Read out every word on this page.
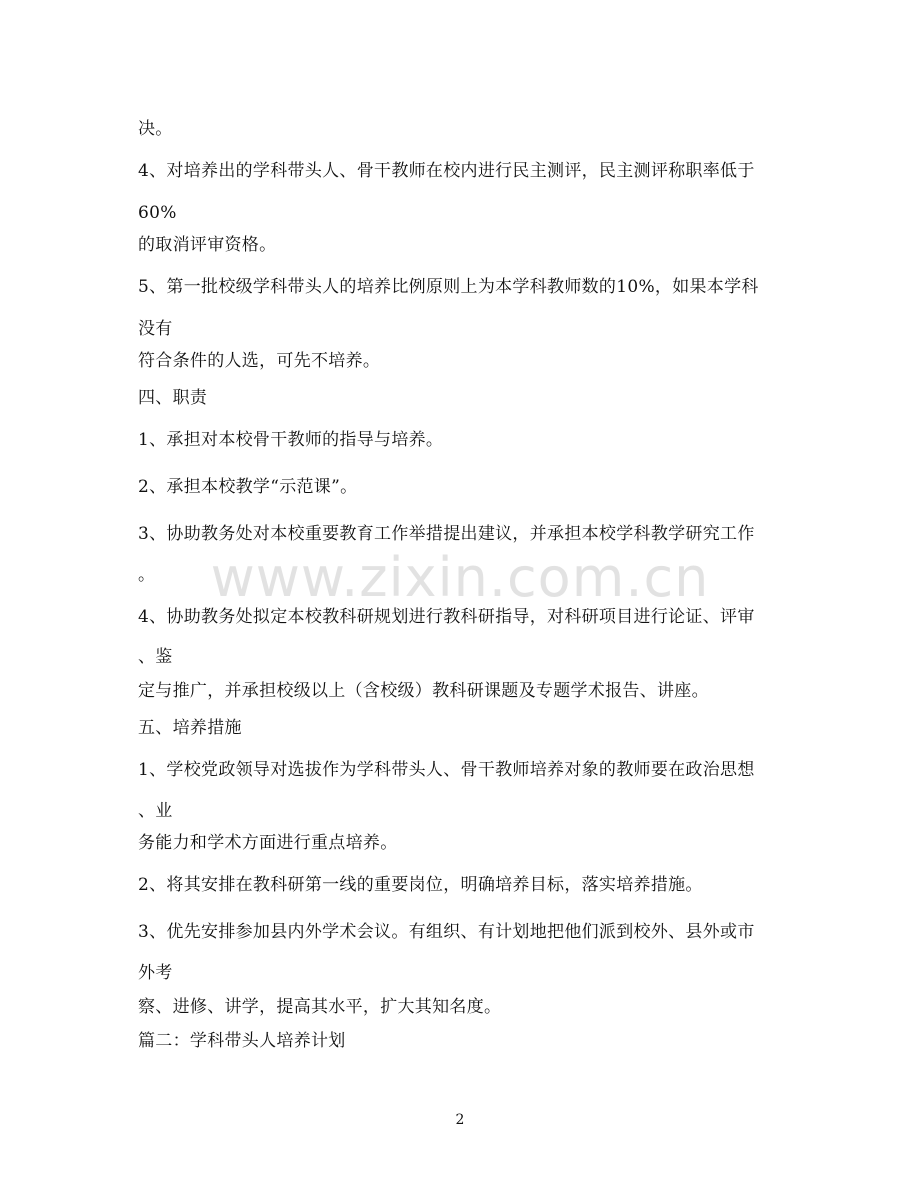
决。
4、对培养出的学科带头人、骨干教师在校内进行民主测评，民主测评称职率低于
60%
的取消评审资格。
5、第一批校级学科带头人的培养比例原则上为本学科教师数的10%，如果本学科
没有
符合条件的人选，可先不培养。
四、职责
1、承担对本校骨干教师的指导与培养。
2、承担本校教学“示范课”。
3、协助教务处对本校重要教育工作举措提出建议，并承担本校学科教学研究工作
。
4、协助教务处拟定本校教科研规划进行教科研指导，对科研项目进行论证、评审
、鉴
定与推广，并承担校级以上（含校级）教科研课题及专题学术报告、讲座。
五、培养措施
1、学校党政领导对选拔作为学科带头人、骨干教师培养对象的教师要在政治思想
、业
务能力和学术方面进行重点培养。
2、将其安排在教科研第一线的重要岗位，明确培养目标，落实培养措施。
3、优先安排参加县内外学术会议。有组织、有计划地把他们派到校外、县外或市
外考
察、进修、讲学，提高其水平，扩大其知名度。
篇二：学科带头人培养计划
www.zixin.com.cn
2
